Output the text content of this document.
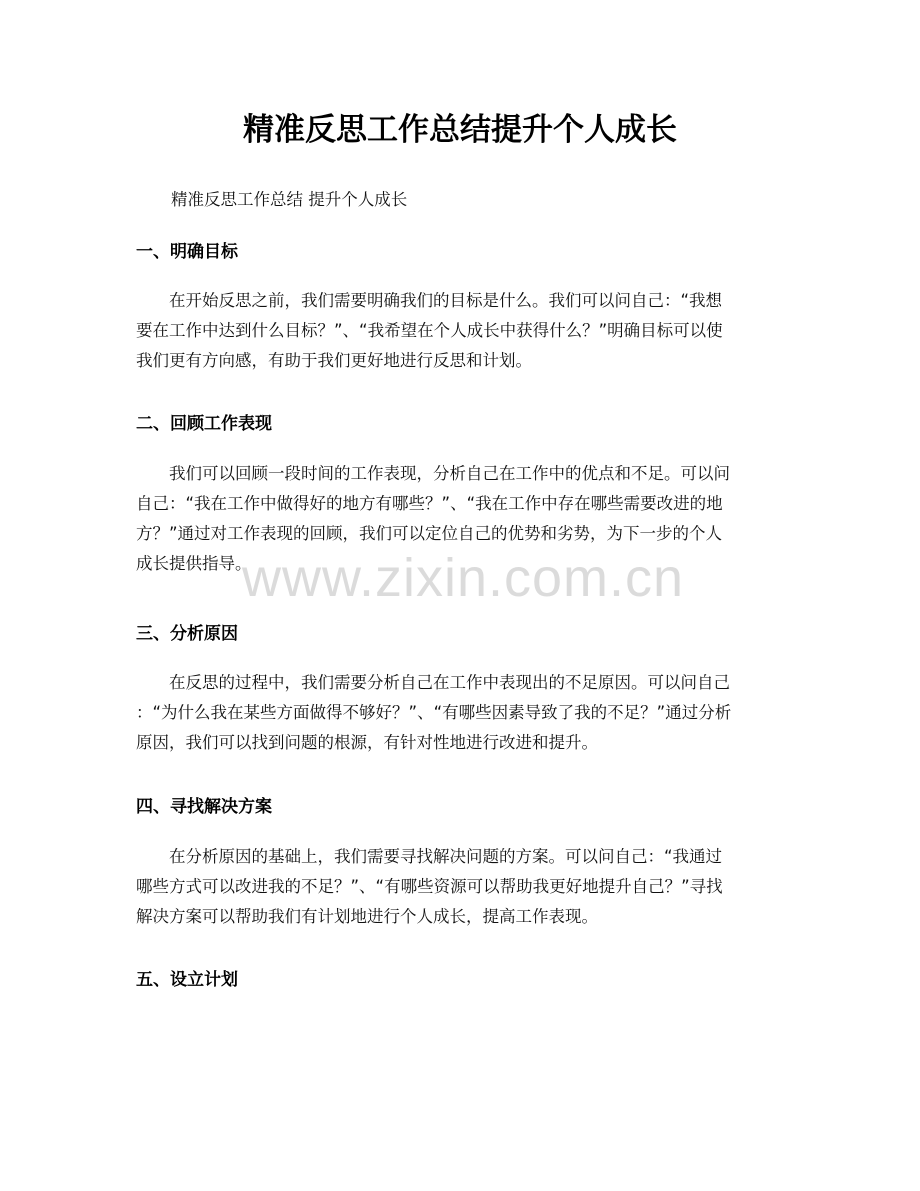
精准反思工作总结提升个人成长

精准反思工作总结 提升个人成长

一、明确目标
　　在开始反思之前，我们需要明确我们的目标是什么。我们可以问自己：“我想
要在工作中达到什么目标？”、“我希望在个人成长中获得什么？”明确目标可以使
我们更有方向感，有助于我们更好地进行反思和计划。
二、回顾工作表现
　　我们可以回顾一段时间的工作表现，分析自己在工作中的优点和不足。可以问
自己：“我在工作中做得好的地方有哪些？”、“我在工作中存在哪些需要改进的地
方？”通过对工作表现的回顾，我们可以定位自己的优势和劣势，为下一步的个人
成长提供指导。
三、分析原因
　　在反思的过程中，我们需要分析自己在工作中表现出的不足原因。可以问自己
：“为什么我在某些方面做得不够好？”、“有哪些因素导致了我的不足？”通过分析
原因，我们可以找到问题的根源，有针对性地进行改进和提升。
四、寻找解决方案
　　在分析原因的基础上，我们需要寻找解决问题的方案。可以问自己：“我通过
哪些方式可以改进我的不足？”、“有哪些资源可以帮助我更好地提升自己？”寻找
解决方案可以帮助我们有计划地进行个人成长，提高工作表现。
五、设立计划
www.zixin.com.cn
